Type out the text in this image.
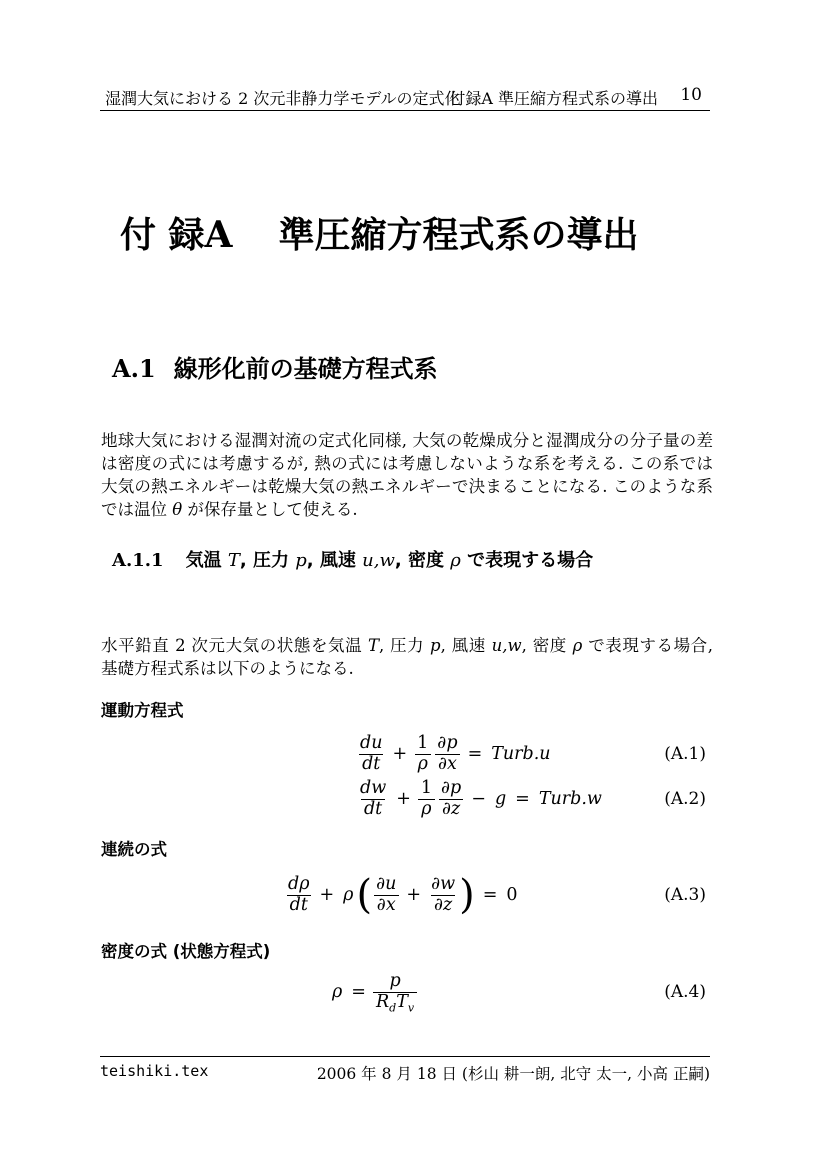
湿潤大気における 2 次元非静力学モデルの定式化
付録A 準圧縮方程式系の導出 10
付 録A 準圧縮方程式系の導出
A.1 線形化前の基礎方程式系

地球大気における湿潤対流の定式化同様, 大気の乾燥成分と湿潤成分の分子量の差は密度の式には考慮するが, 熱の式には考慮しないような系を考える. この系では大気の熱エネルギーは乾燥大気の熱エネルギーで決まることになる. このような系では温位 θ が保存量として使える.

A.1.1 気温 T, 圧力 p, 風速 u,w, 密度 ρ で表現する場合

水平鉛直 2 次元大気の状態を気温 T, 圧力 p, 風速 u,w, 密度 ρ で表現する場合, 基礎方程式系は以下のようになる.

運動方程式
$\frac{du}{dt} + \frac{1}{\rho} \frac{\partial p}{\partial x}$ = Turb.u	(A.1)
$\frac{dw}{dt} + \frac{1}{\rho} \frac{\partial p}{\partial z} - g$ = Turb.w	(A.2)
連続の式
$\frac{d\rho}{dt} + \rho$ ( $\frac{\partial u}{\partial x} + \frac{\partial w}{\partial z}$ ) = 0	(A.3)
密度の式 (状態方程式)
$\rho = \frac{p}{R_dT_v}$	(A.4)
teishiki.tex	2006 年 8 月 18 日 (杉山 耕一朗, 北守 太一, 小高 正嗣)
